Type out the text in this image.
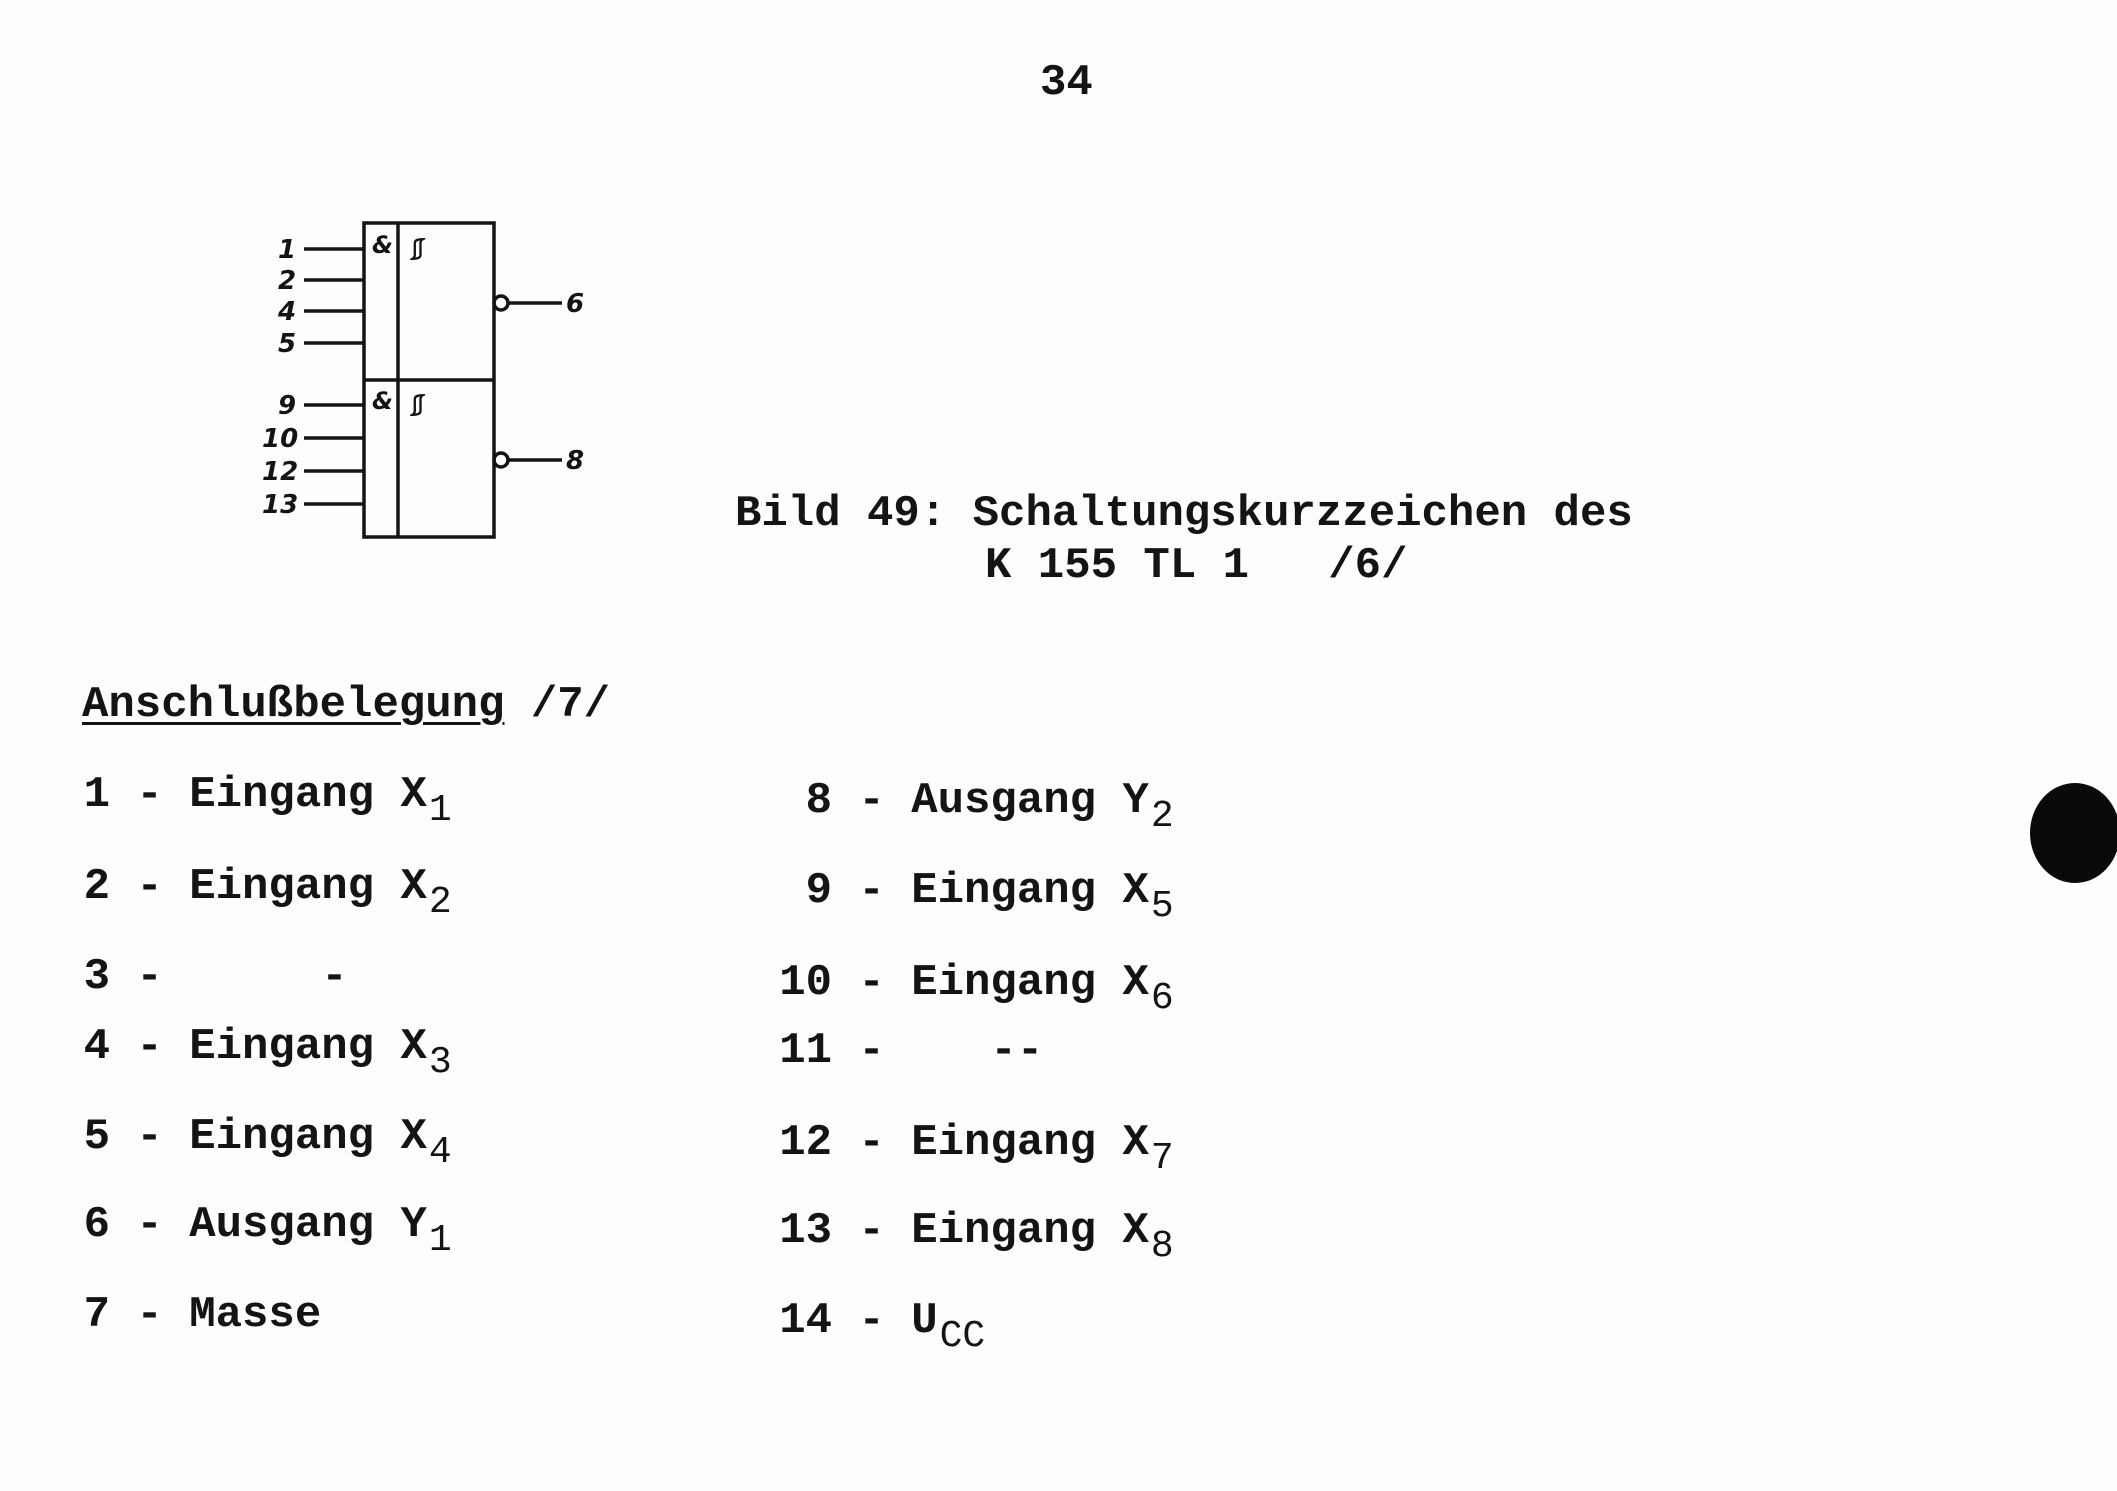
34
1
2
4
5
9
10
12
13
6
8
&
&
⎎
⎎
Bild 49: Schaltungskurzzeichen des
K 155 TL 1   /6/
Anschlußbelegung /7/
1 - Eingang $X_1$
2 - Eingang $X_2$
3 -      -
4 - Eingang $X_3$
5 - Eingang $X_4$
6 - Ausgang $Y_1$
7 - Masse
8 - Ausgang $Y_2$
9 - Eingang $X_5$
10 - Eingang $X_6$
11 -    --
12 - Eingang $X_7$
13 - Eingang $X_8$
$14 - U_{CC}$
